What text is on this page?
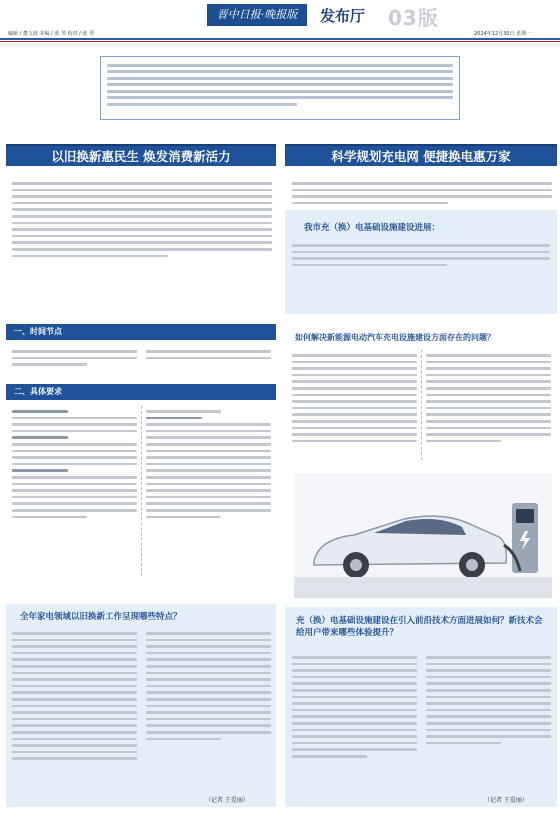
编辑 / 董文波 美编 / 张 琴 校对 / 张 琴
晋中日报·晚报版	发布厅 03版
2024年12月30日 星期一
以旧换新惠民生 焕发消费新活力
一、时间节点
二、具体要求
全年家电领域以旧换新工作呈现哪些特点？
（记者 王爱丽）
科学规划充电网 便捷换电惠万家
我市充（换）电基础设施建设进展：
如何解决新能源电动汽车充电设施建设方面存在的问题？
充（换）电基础设施建设在引入前沿技术方面进展如何？新技术会给用户带来哪些体验提升？
（记者 王爱丽）
